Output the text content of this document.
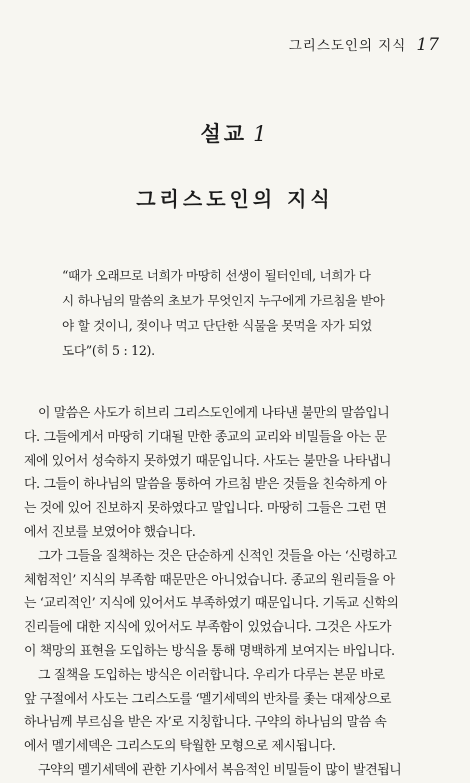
그리스도인의 지식 17
설교 1
그리스도인의 지식
“때가 오래므로 너희가 마땅히 선생이 될터인데, 너희가 다
시 하나님의 말씀의 초보가 무엇인지 누구에게 가르침을 받아
야 할 것이니, 젖이나 먹고 단단한 식물을 못먹을 자가 되었
도다”(히 5 : 12).
이 말씀은 사도가 히브리 그리스도인에게 나타낸 불만의 말씀입니
다. 그들에게서 마땅히 기대될 만한 종교의 교리와 비밀들을 아는 문
제에 있어서 성숙하지 못하였기 때문입니다. 사도는 불만을 나타냅니
다. 그들이 하나님의 말씀을 통하여 가르침 받은 것들을 친숙하게 아
는 것에 있어 진보하지 못하였다고 말입니다. 마땅히 그들은 그런 면
에서 진보를 보였어야 했습니다.
그가 그들을 질책하는 것은 단순하게 신적인 것들을 아는 ‘신령하고
체험적인’ 지식의 부족함 때문만은 아니었습니다. 종교의 원리들을 아
는 ‘교리적인’ 지식에 있어서도 부족하였기 때문입니다. 기독교 신학의
진리들에 대한 지식에 있어서도 부족함이 있었습니다. 그것은 사도가
이 책망의 표현을 도입하는 방식을 통해 명백하게 보여지는 바입니다.
그 질책을 도입하는 방식은 이러합니다. 우리가 다루는 본문 바로
앞 구절에서 사도는 그리스도를 ‘멜기세덱의 반차를 좇는 대제상으로
하나님께 부르심을 받은 자’로 지칭합니다. 구약의 하나님의 말씀 속
에서 멜기세덱은 그리스도의 탁월한 모형으로 제시됩니다.
구약의 멜기세덱에 관한 기사에서 복음적인 비밀들이 많이 발견됩니
